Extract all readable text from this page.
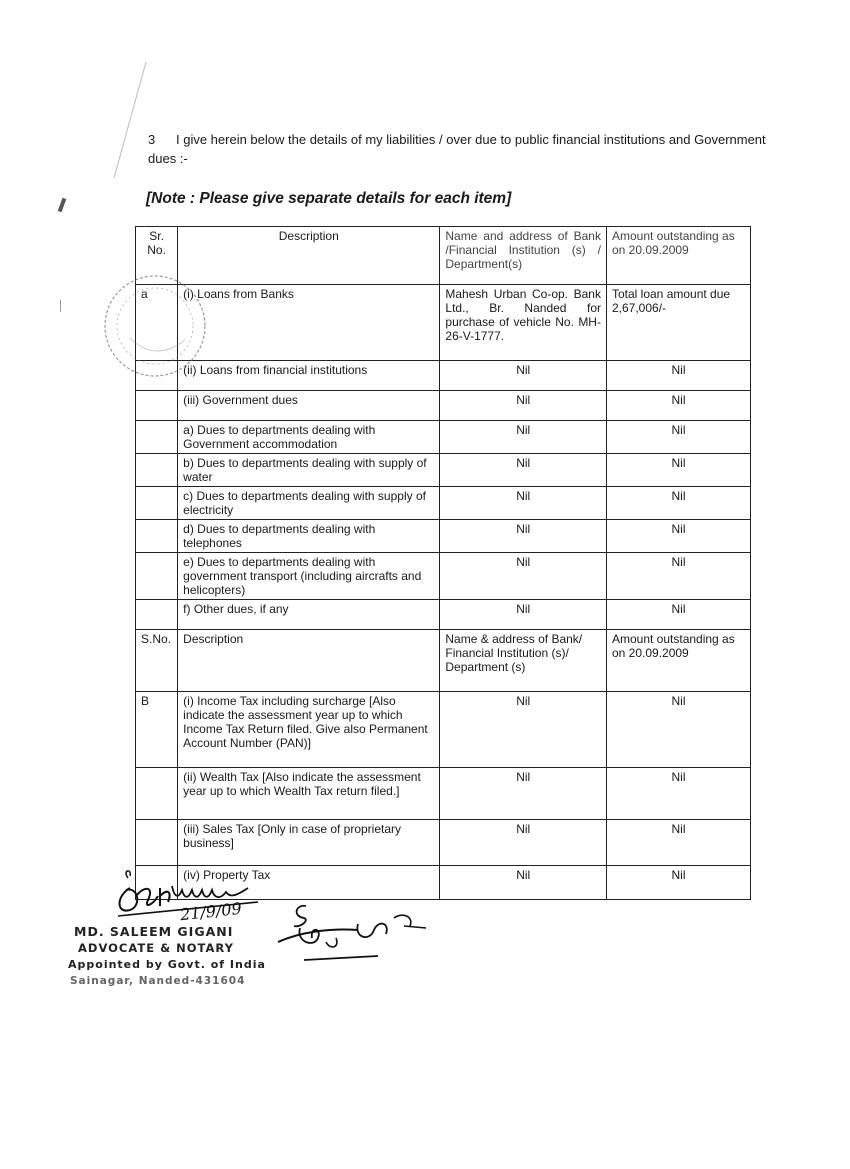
3 I give herein below the details of my liabilities / over due to public financial institutions and Government dues :-
[Note : Please give separate details for each item]
Sr. No.	Description	Name and address of Bank /Financial Institution (s) / Department(s)	Amount outstanding as on 20.09.2009
a	(i) Loans from Banks	Mahesh Urban Co-op. Bank Ltd., Br. Nanded for purchase of vehicle No. MH-26-V-1777.	Total loan amount due 2,67,006/-
	(ii) Loans from financial institutions	Nil	Nil
	(iii) Government dues	Nil	Nil
	a) Dues to departments dealing with Government accommodation	Nil	Nil
	b) Dues to departments dealing with supply of water	Nil	Nil
	c) Dues to departments dealing with supply of electricity	Nil	Nil
	d) Dues to departments dealing with telephones	Nil	Nil
	e) Dues to departments dealing with government transport (including aircrafts and helicopters)	Nil	Nil
	f) Other dues, if any	Nil	Nil
S.No.	Description	Name & address of Bank/ Financial Institution (s)/ Department (s)	Amount outstanding as on 20.09.2009
B	(i) Income Tax including surcharge [Also indicate the assessment year up to which Income Tax Return filed. Give also Permanent Account Number (PAN)]	Nil	Nil
	(ii) Wealth Tax [Also indicate the assessment year up to which Wealth Tax return filed.]	Nil	Nil
	(iii) Sales Tax [Only in case of proprietary business]	Nil	Nil
	(iv) Property Tax	Nil	Nil
21/9/09
MD. SALEEM GIGANI
ADVOCATE & NOTARY
Appointed by Govt. of India
Sainagar, Nanded-431604
